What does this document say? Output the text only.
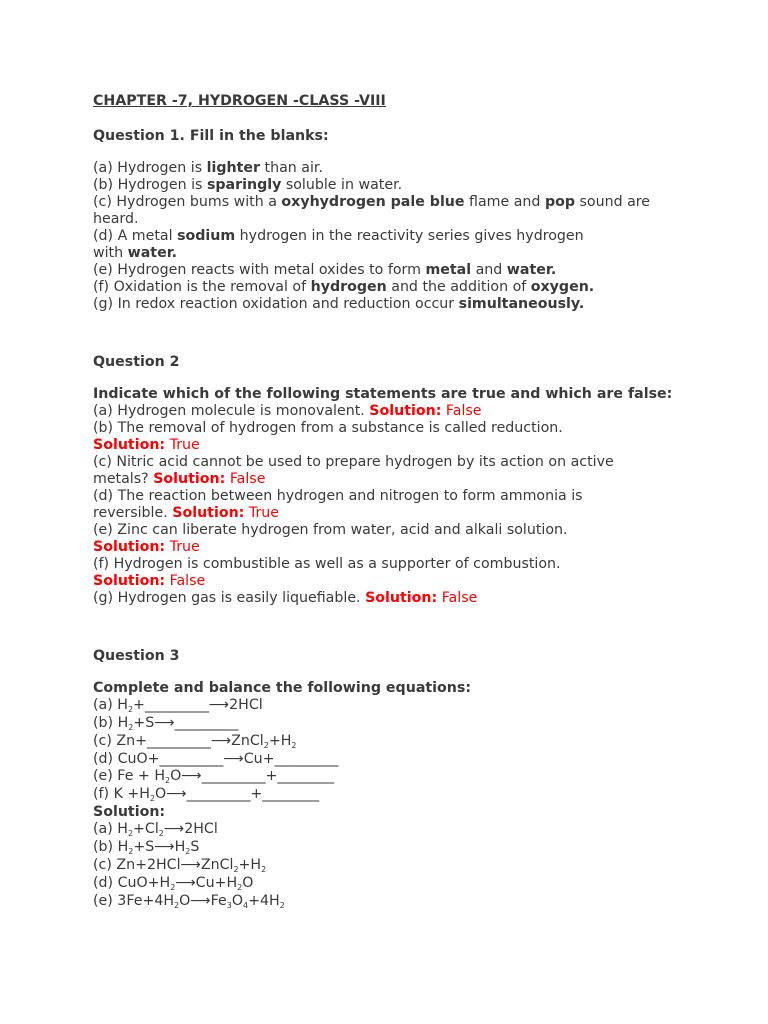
CHAPTER -7, HYDROGEN -CLASS -VIII

Question 1. Fill in the blanks:

(a) Hydrogen is lighter than air.

(b) Hydrogen is sparingly soluble in water.

(c) Hydrogen bums with a oxyhydrogen pale blue flame and pop sound are heard.

(d) A metal sodium hydrogen in the reactivity series gives hydrogen
with water.

(e) Hydrogen reacts with metal oxides to form metal and water.

(f) Oxidation is the removal of hydrogen and the addition of oxygen.

(g) In redox reaction oxidation and reduction occur simultaneously.

Question 2

Indicate which of the following statements are true and which are false:

(a) Hydrogen molecule is monovalent. Solution: False

(b) The removal of hydrogen from a substance is called reduction.
Solution: True

(c) Nitric acid cannot be used to prepare hydrogen by its action on active
metals? Solution: False

(d) The reaction between hydrogen and nitrogen to form ammonia is
reversible. Solution: True

(e) Zinc can liberate hydrogen from water, acid and alkali solution.
Solution: True

(f) Hydrogen is combustible as well as a supporter of combustion.
Solution: False

(g) Hydrogen gas is easily liquefiable. Solution: False

Question 3

Complete and balance the following equations:

(a) $H_2+\_\_\_\_\_\_\_\_\_⟶2HCl$

(b) $H_2+S⟶\_\_\_\_\_\_\_\_\_$

(c) $Zn+\_\_\_\_\_\_\_\_\_⟶ZnCl_2+H_2$

(d) CuO+_________⟶Cu+_________

(e) $Fe + H_2O⟶\_\_\_\_\_\_\_\_\_+\_\_\_\_\_\_\_\_$

(f) $K +H_2O⟶\_\_\_\_\_\_\_\_\_+\_\_\_\_\_\_\_\_$

Solution:

(a) $H_2+Cl_2⟶2HCl$

(b) $H_2+S⟶H_2S$

(c) $Zn+2HCl⟶ZnCl_2+H_2$

(d) $CuO+H_2⟶Cu+H_2O$

(e) $3Fe+4H_2O⟶Fe_3O_4+4H_2$
